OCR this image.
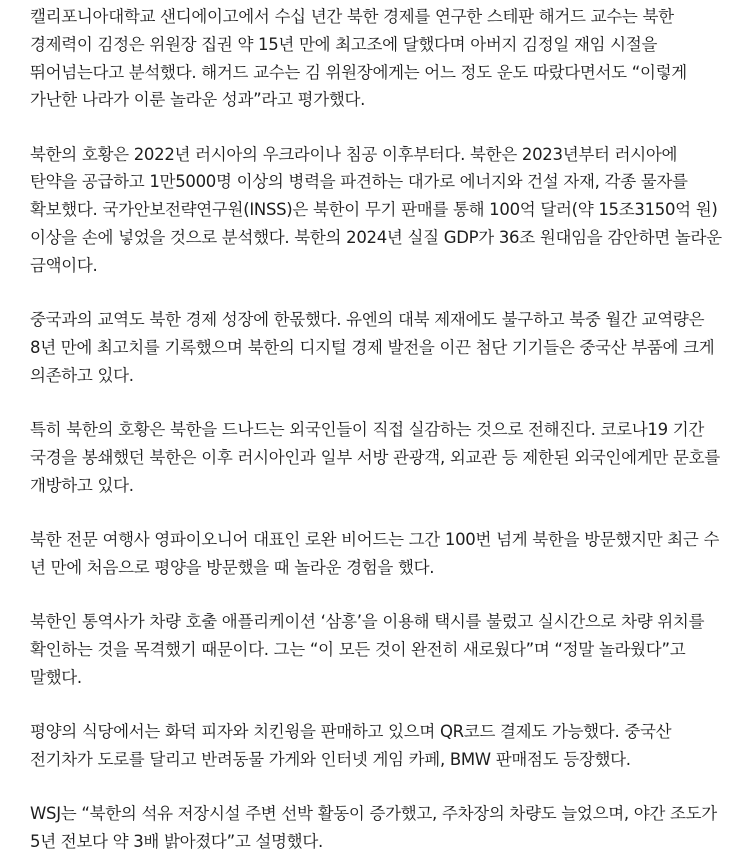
캘리포니아대학교 샌디에이고에서 수십 년간 북한 경제를 연구한 스테판 해거드 교수는 북한 경제력이 김정은 위원장 집권 약 15년 만에 최고조에 달했다며 아버지 김정일 재임 시절을 뛰어넘는다고 분석했다. 해거드 교수는 김 위원장에게는 어느 정도 운도 따랐다면서도 “이렇게 가난한 나라가 이룬 놀라운 성과”라고 평가했다.

북한의 호황은 2022년 러시아의 우크라이나 침공 이후부터다. 북한은 2023년부터 러시아에 탄약을 공급하고 1만5000명 이상의 병력을 파견하는 대가로 에너지와 건설 자재, 각종 물자를 확보했다. 국가안보전략연구원(INSS)은 북한이 무기 판매를 통해 100억 달러(약 15조3150억 원) 이상을 손에 넣었을 것으로 분석했다. 북한의 2024년 실질 GDP가 36조 원대임을 감안하면 놀라운 금액이다.

중국과의 교역도 북한 경제 성장에 한몫했다. 유엔의 대북 제재에도 불구하고 북중 월간 교역량은 8년 만에 최고치를 기록했으며 북한의 디지털 경제 발전을 이끈 첨단 기기들은 중국산 부품에 크게 의존하고 있다.

특히 북한의 호황은 북한을 드나드는 외국인들이 직접 실감하는 것으로 전해진다. 코로나19 기간 국경을 봉쇄했던 북한은 이후 러시아인과 일부 서방 관광객, 외교관 등 제한된 외국인에게만 문호를 개방하고 있다.

북한 전문 여행사 영파이오니어 대표인 로완 비어드는 그간 100번 넘게 북한을 방문했지만 최근 수 년 만에 처음으로 평양을 방문했을 때 놀라운 경험을 했다.

북한인 통역사가 차량 호출 애플리케이션 ‘삼흥’을 이용해 택시를 불렀고 실시간으로 차량 위치를 확인하는 것을 목격했기 때문이다. 그는 “이 모든 것이 완전히 새로웠다”며 “정말 놀라웠다”고 말했다.

평양의 식당에서는 화덕 피자와 치킨윙을 판매하고 있으며 QR코드 결제도 가능했다. 중국산 전기차가 도로를 달리고 반려동물 가게와 인터넷 게임 카페, BMW 판매점도 등장했다.

WSJ는 “북한의 석유 저장시설 주변 선박 활동이 증가했고, 주차장의 차량도 늘었으며, 야간 조도가 5년 전보다 약 3배 밝아졌다”고 설명했다.
